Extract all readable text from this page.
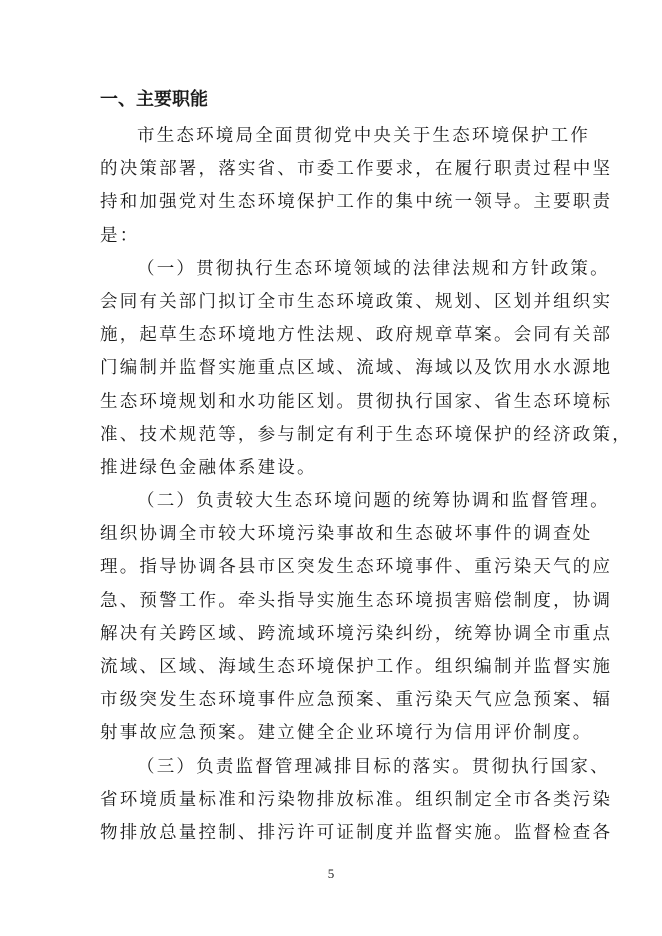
一、主要职能

市生态环境局全面贯彻党中央关于生态环境保护工作
的决策部署，落实省、市委工作要求，在履行职责过程中坚
持和加强党对生态环境保护工作的集中统一领导。主要职责
是：

（一）贯彻执行生态环境领域的法律法规和方针政策。
会同有关部门拟订全市生态环境政策、规划、区划并组织实
施，起草生态环境地方性法规、政府规章草案。会同有关部
门编制并监督实施重点区域、流域、海域以及饮用水水源地
生态环境规划和水功能区划。贯彻执行国家、省生态环境标
准、技术规范等，参与制定有利于生态环境保护的经济政策，
推进绿色金融体系建设。

（二）负责较大生态环境问题的统筹协调和监督管理。
组织协调全市较大环境污染事故和生态破坏事件的调查处
理。指导协调各县市区突发生态环境事件、重污染天气的应
急、预警工作。牵头指导实施生态环境损害赔偿制度，协调
解决有关跨区域、跨流域环境污染纠纷，统筹协调全市重点
流域、区域、海域生态环境保护工作。组织编制并监督实施
市级突发生态环境事件应急预案、重污染天气应急预案、辐
射事故应急预案。建立健全企业环境行为信用评价制度。

（三）负责监督管理减排目标的落实。贯彻执行国家、
省环境质量标准和污染物排放标准。组织制定全市各类污染
物排放总量控制、排污许可证制度并监督实施。监督检查各

5
